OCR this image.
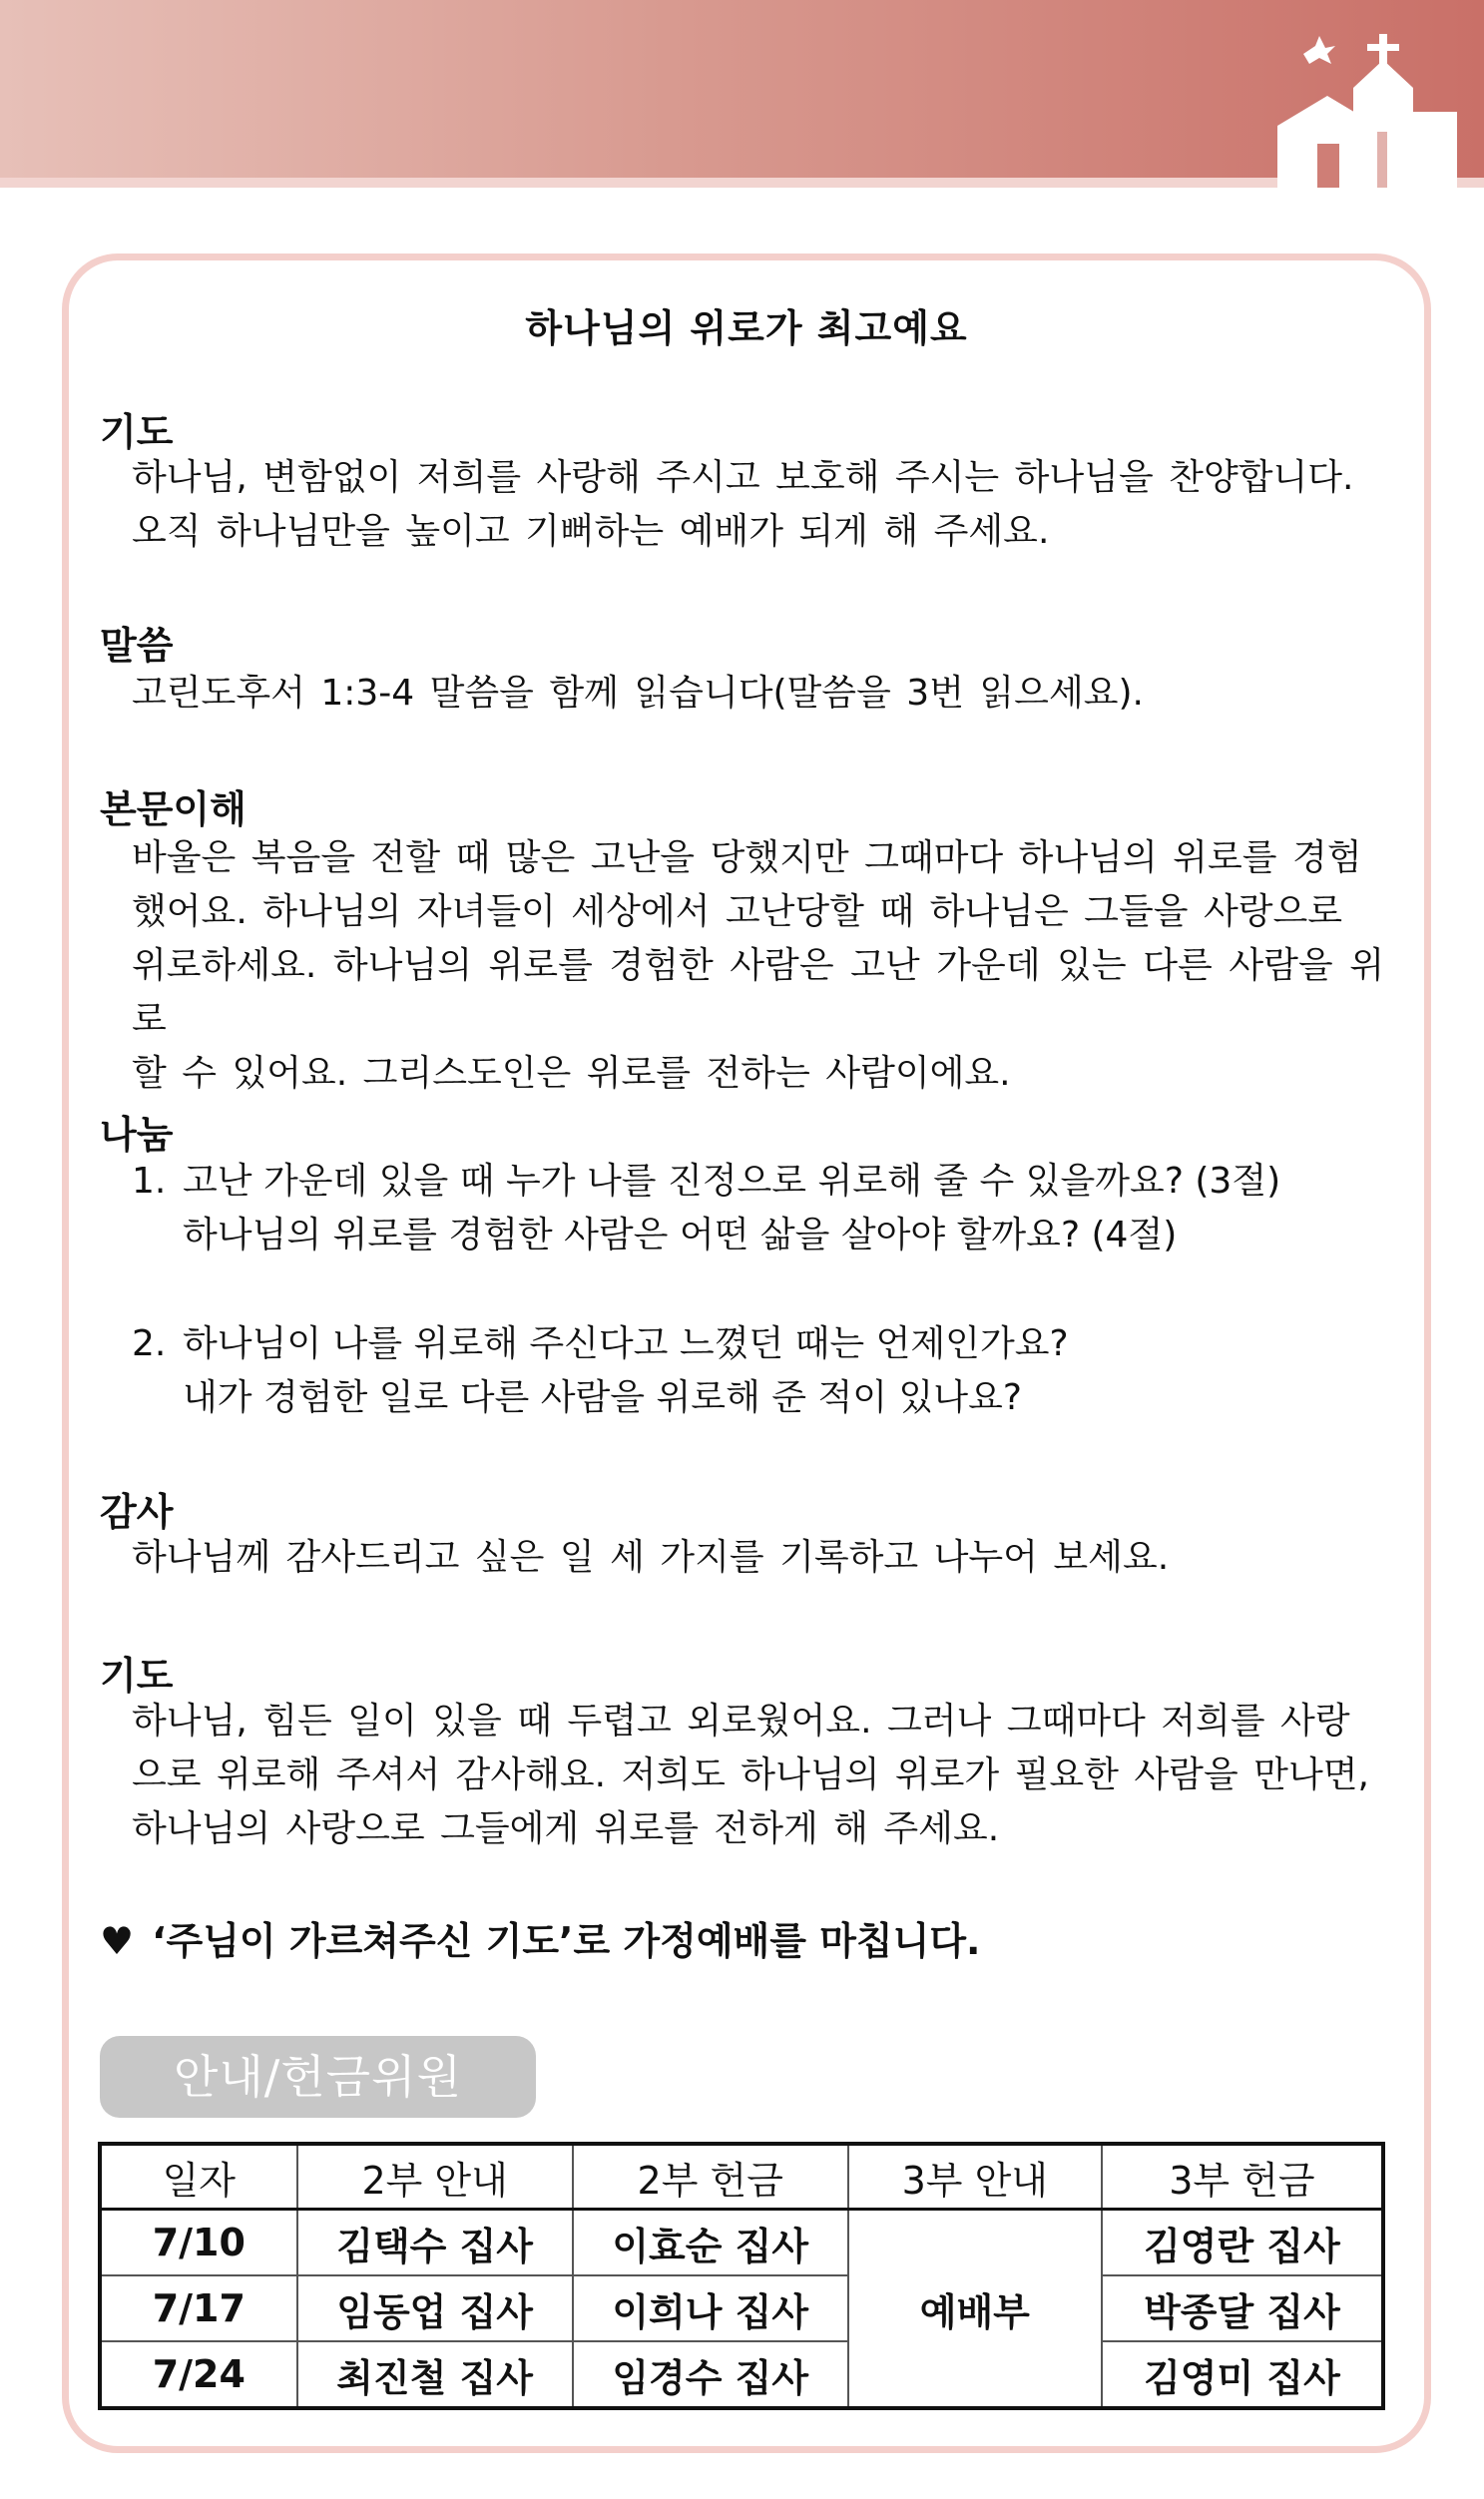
하나님의 위로가 최고예요
기도

하나님, 변함없이 저희를 사랑해 주시고 보호해 주시는 하나님을 찬양합니다.

오직 하나님만을 높이고 기뻐하는 예배가 되게 해 주세요.

말씀

고린도후서 1:3-4 말씀을 함께 읽습니다(말씀을 3번 읽으세요).

본문이해

바울은 복음을 전할 때 많은 고난을 당했지만 그때마다 하나님의 위로를 경험

했어요. 하나님의 자녀들이 세상에서 고난당할 때 하나님은 그들을 사랑으로

위로하세요. 하나님의 위로를 경험한 사람은 고난 가운데 있는 다른 사람을 위로

할 수 있어요. 그리스도인은 위로를 전하는 사람이에요.

나눔
1. 고난 가운데 있을 때 누가 나를 진정으로 위로해 줄 수 있을까요? (3절)

하나님의 위로를 경험한 사람은 어떤 삶을 살아야 할까요? (4절)

2. 하나님이 나를 위로해 주신다고 느꼈던 때는 언제인가요?

내가 경험한 일로 다른 사람을 위로해 준 적이 있나요?

감사

하나님께 감사드리고 싶은 일 세 가지를 기록하고 나누어 보세요.

기도

하나님, 힘든 일이 있을 때 두렵고 외로웠어요. 그러나 그때마다 저희를 사랑

으로 위로해 주셔서 감사해요. 저희도 하나님의 위로가 필요한 사람을 만나면,

하나님의 사랑으로 그들에게 위로를 전하게 해 주세요.

♥ ‘주님이 가르쳐주신 기도’로 가정예배를 마칩니다.
안내/헌금위원
일자	2부 안내	2부 헌금	3부 안내	3부 헌금
7/10	김택수 집사	이효순 집사	예배부	김영란 집사
7/17	임동업 집사	이희나 집사		박종달 집사
7/24	최진철 집사	임경수 집사		김영미 집사
